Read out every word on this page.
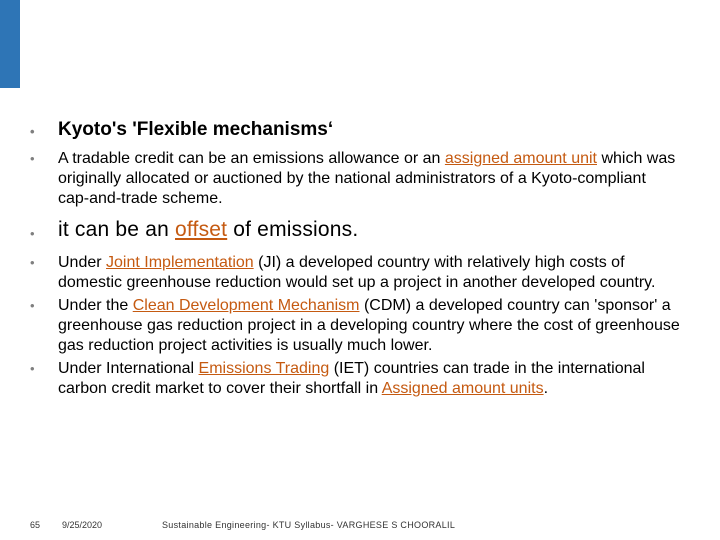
• Kyoto's 'Flexible mechanisms‘
• A tradable credit can be an emissions allowance or an assigned amount unit which was originally allocated or auctioned by the national administrators of a Kyoto-compliant cap-and-trade scheme.
• it can be an offset of emissions.
• Under Joint Implementation (JI) a developed country with relatively high costs of domestic greenhouse reduction would set up a project in another developed country.
• Under the Clean Development Mechanism (CDM) a developed country can 'sponsor' a greenhouse gas reduction project in a developing country where the cost of greenhouse gas reduction project activities is usually much lower.
• Under International Emissions Trading (IET) countries can trade in the international carbon credit market to cover their shortfall in Assigned amount units.
65 9/25/2020	Sustainable Engineering- KTU Syllabus- VARGHESE S CHOORALIL
